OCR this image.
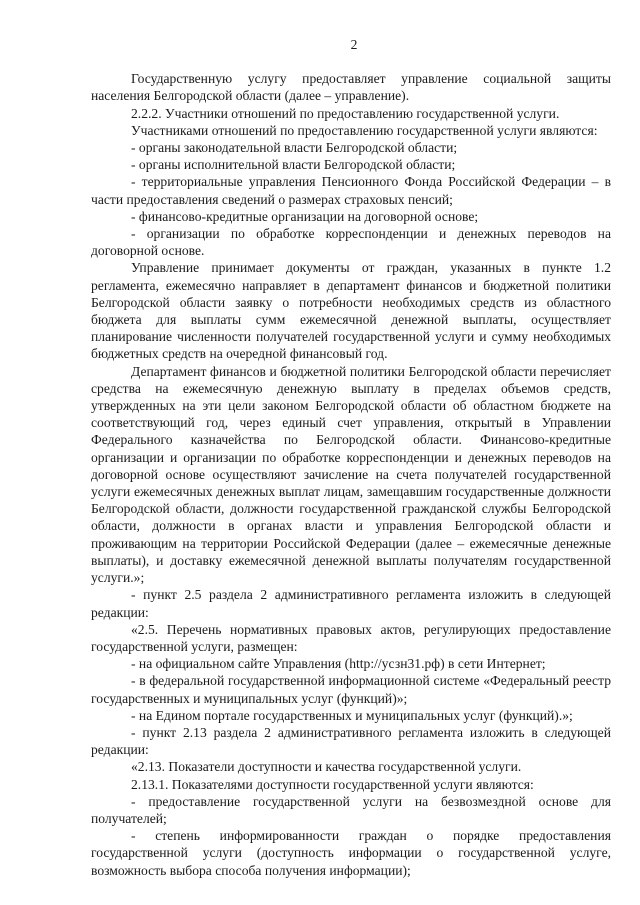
2

Государственную услугу предоставляет управление социальной защиты населения Белгородской области (далее – управление).

2.2.2. Участники отношений по предоставлению государственной услуги.

Участниками отношений по предоставлению государственной услуги являются:

- органы законодательной власти Белгородской области;

- органы исполнительной власти Белгородской области;

- территориальные управления Пенсионного Фонда Российской Федерации – в части предоставления сведений о размерах страховых пенсий;

- финансово-кредитные организации на договорной основе;

- организации по обработке корреспонденции и денежных переводов на договорной основе.

Управление принимает документы от граждан, указанных в пункте 1.2 регламента, ежемесячно направляет в департамент финансов и бюджетной политики Белгородской области заявку о потребности необходимых средств из областного бюджета для выплаты сумм ежемесячной денежной выплаты, осуществляет планирование численности получателей государственной услуги и сумму необходимых бюджетных средств на очередной финансовый год.

Департамент финансов и бюджетной политики Белгородской области перечисляет средства на ежемесячную денежную выплату в пределах объемов средств, утвержденных на эти цели законом Белгородской области об областном бюджете на соответствующий год, через единый счет управления, открытый в Управлении Федерального казначейства по Белгородской области. Финансово-кредитные организации и организации по обработке корреспонденции и денежных переводов на договорной основе осуществляют зачисление на счета получателей государственной услуги ежемесячных денежных выплат лицам, замещавшим государственные должности Белгородской области, должности государственной гражданской службы Белгородской области, должности в органах власти и управления Белгородской области и проживающим на территории Российской Федерации (далее – ежемесячные денежные выплаты), и доставку ежемесячной денежной выплаты получателям государственной услуги.»;

- пункт 2.5 раздела 2 административного регламента изложить в следующей редакции:

«2.5. Перечень нормативных правовых актов, регулирующих предоставление государственной услуги, размещен:

- на официальном сайте Управления (http://усзн31.рф) в сети Интернет;

- в федеральной государственной информационной системе «Федеральный реестр государственных и муниципальных услуг (функций)»;

- на Едином портале государственных и муниципальных услуг (функций).»;

- пункт 2.13 раздела 2 административного регламента изложить в следующей редакции:

«2.13. Показатели доступности и качества государственной услуги.

2.13.1. Показателями доступности государственной услуги являются:

- предоставление государственной услуги на безвозмездной основе для получателей;

- степень информированности граждан о порядке предоставления государственной услуги (доступность информации о государственной услуге, возможность выбора способа получения информации);
